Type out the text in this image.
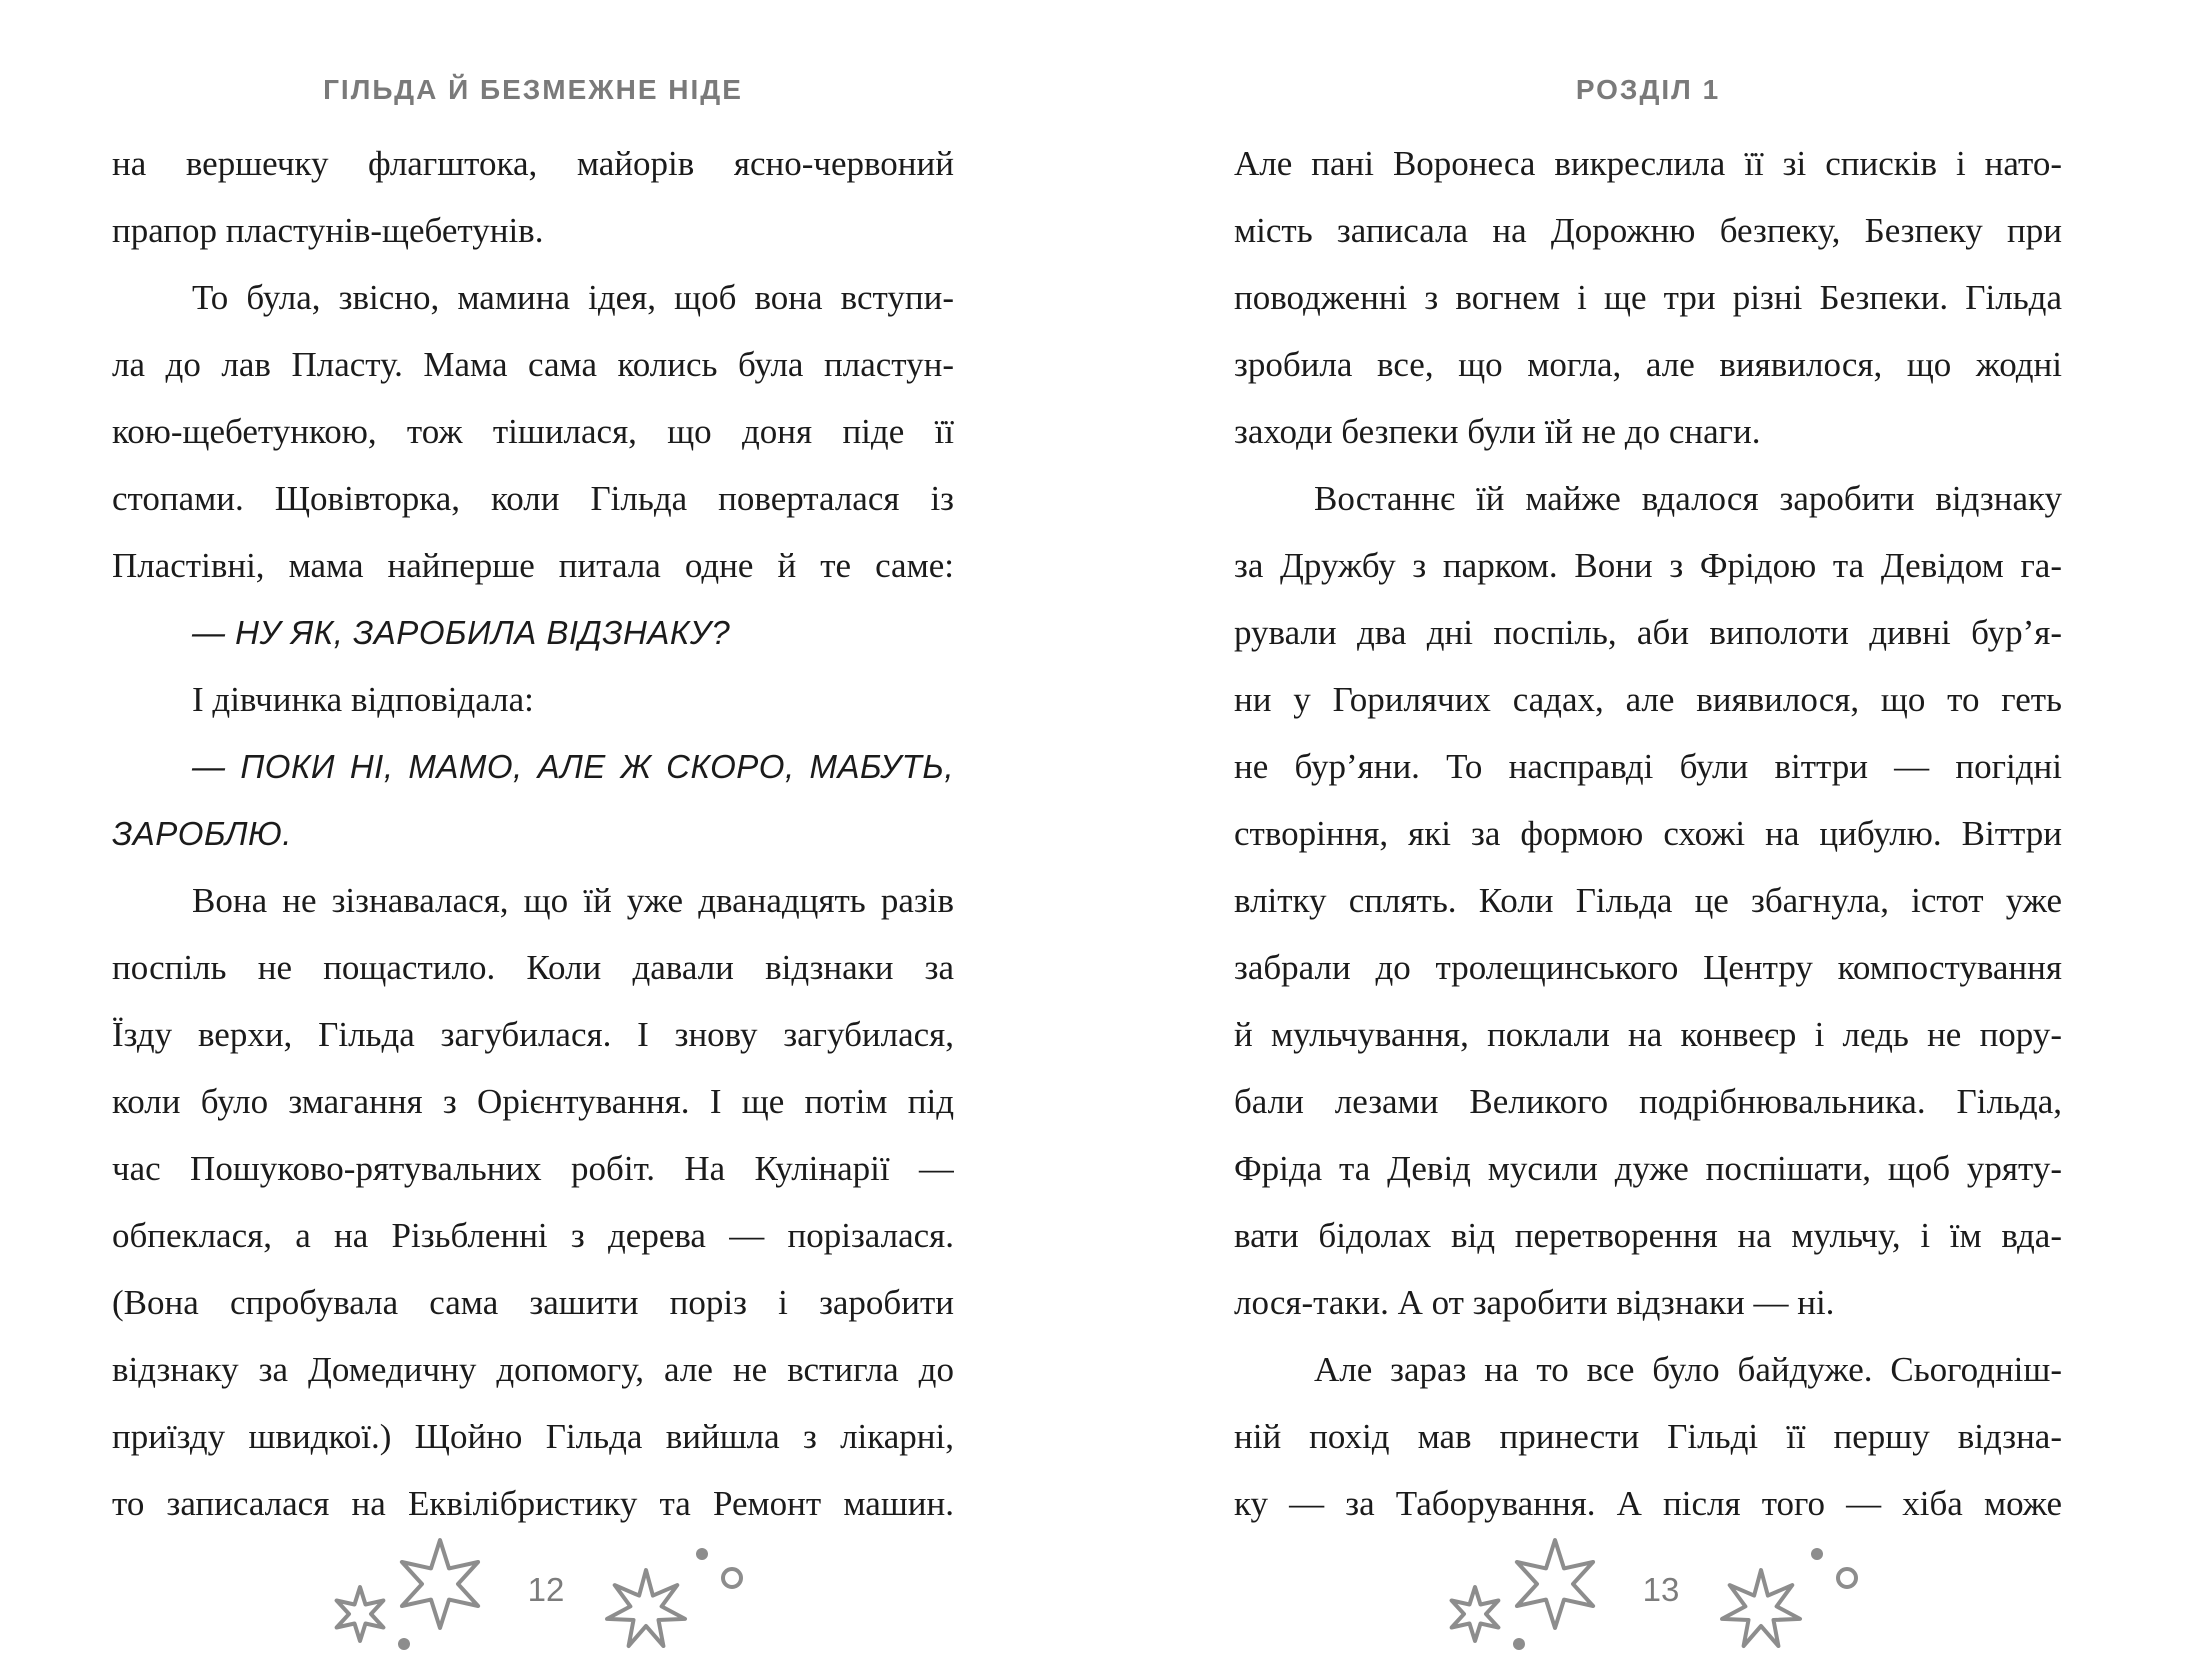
ГІЛЬДА Й БЕЗМЕЖНЕ НІДЕ
на вершечку флагштока, майорів ясно-червоний
прапор пластунів-щебетунів.
То була, звісно, мамина ідея, щоб вона вступи-
ла до лав Пласту. Мама сама колись була пластун-
кою-щебетункою, тож тішилася, що доня піде її
стопами. Щовівторка, коли Гільда поверталася із
Пластівні, мама найперше питала одне й те саме:
— НУ ЯК, ЗАРОБИЛА ВІДЗНАКУ?
І дівчинка відповідала:
— ПОКИ НІ, МАМО, АЛЕ Ж СКОРО, МАБУТЬ,
ЗАРОБЛЮ.
Вона не зізнавалася, що їй уже дванадцять разів
поспіль не пощастило. Коли давали відзнаки за
Їзду верхи, Гільда загубилася. І знову загубилася,
коли було змагання з Орієнтування. І ще потім під
час Пошуково-рятувальних робіт. На Кулінарії —
обпеклася, а на Різьбленні з дерева — порізалася.
(Вона спробувала сама зашити поріз і заробити
відзнаку за Домедичну допомогу, але не встигла до
приїзду швидкої.) Щойно Гільда вийшла з лікарні,
то записалася на Еквілібристику та Ремонт машин.
12
РОЗДІЛ 1
Але пані Воронеса викреслила її зі списків і нато-
мість записала на Дорожню безпеку, Безпеку при
поводженні з вогнем і ще три різні Безпеки. Гільда
зробила все, що могла, але виявилося, що жодні
заходи безпеки були їй не до снаги.
Востаннє їй майже вдалося заробити відзнаку
за Дружбу з парком. Вони з Фрідою та Девідом га-
рували два дні поспіль, аби виполоти дивні бур’я-
ни у Горилячих садах, але виявилося, що то геть
не бур’яни. То насправді були віттри — погідні
створіння, які за формою схожі на цибулю. Віттри
влітку сплять. Коли Гільда це збагнула, істот уже
забрали до тролещинського Центру компостування
й мульчування, поклали на конвеєр і ледь не пору-
бали лезами Великого подрібнювальника. Гільда,
Фріда та Девід мусили дуже поспішати, щоб уряту-
вати бідолах від перетворення на мульчу, і їм вда-
лося-таки. А от заробити відзнаки — ні.
Але зараз на то все було байдуже. Сьогодніш-
ній похід мав принести Гільді її першу відзна-
ку — за Таборування. А після того — хіба може
13
